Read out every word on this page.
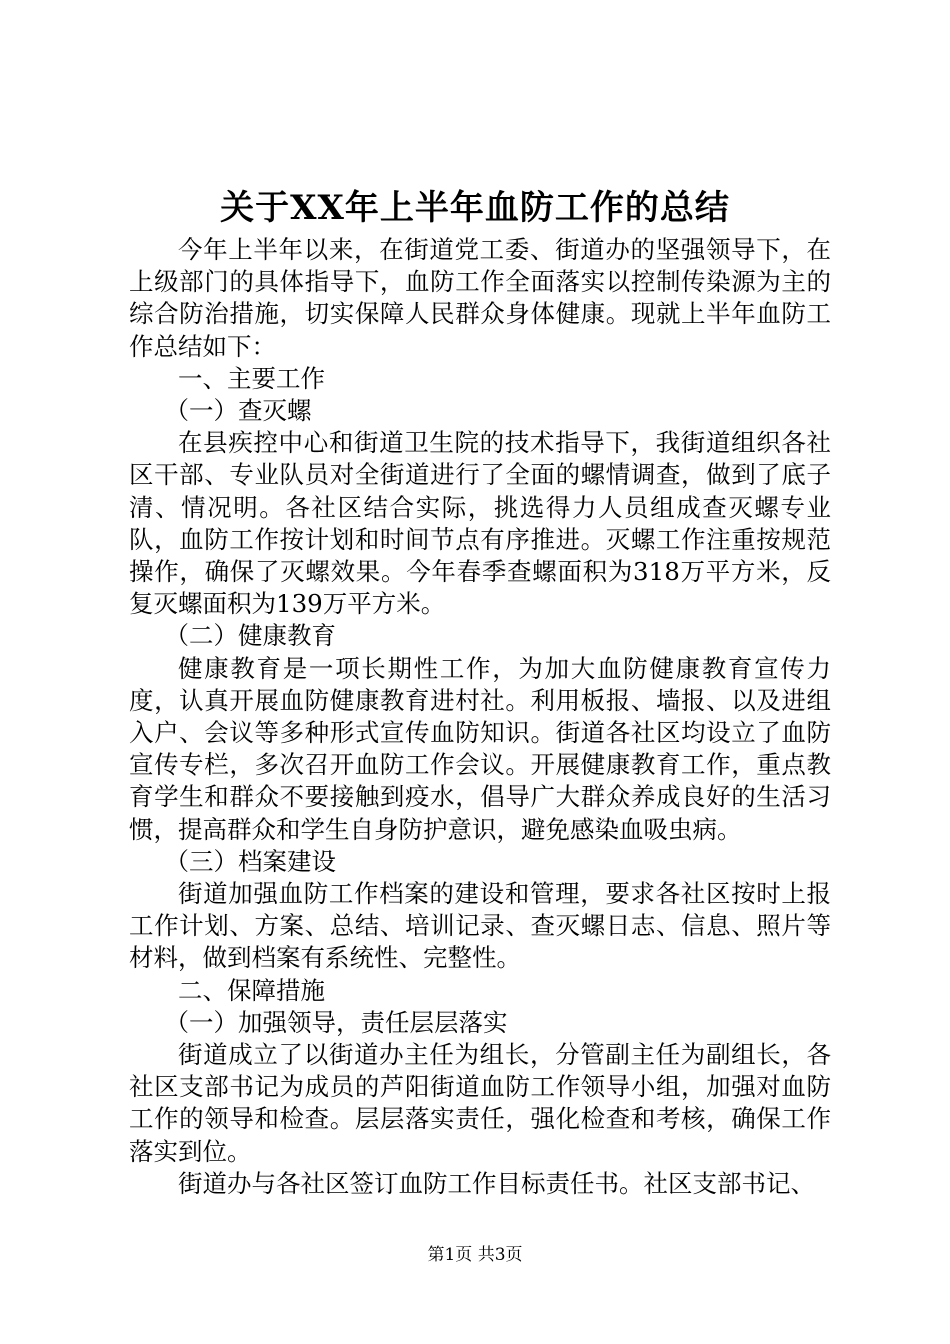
关于XX年上半年血防工作的总结

今年上半年以来，在街道党工委、街道办的坚强领导下，在上级部门的具体指导下，血防工作全面落实以控制传染源为主的综合防治措施，切实保障人民群众身体健康。现就上半年血防工作总结如下：

一、主要工作

（一）查灭螺

在县疾控中心和街道卫生院的技术指导下，我街道组织各社区干部、专业队员对全街道进行了全面的螺情调查，做到了底子清、情况明。各社区结合实际，挑选得力人员组成查灭螺专业队，血防工作按计划和时间节点有序推进。灭螺工作注重按规范操作，确保了灭螺效果。今年春季查螺面积为318万平方米，反复灭螺面积为139万平方米。

（二）健康教育

健康教育是一项长期性工作，为加大血防健康教育宣传力度，认真开展血防健康教育进村社。利用板报、墙报、以及进组入户、会议等多种形式宣传血防知识。街道各社区均设立了血防宣传专栏，多次召开血防工作会议。开展健康教育工作，重点教育学生和群众不要接触到疫水，倡导广大群众养成良好的生活习惯，提高群众和学生自身防护意识，避免感染血吸虫病。

（三）档案建设

街道加强血防工作档案的建设和管理，要求各社区按时上报工作计划、方案、总结、培训记录、查灭螺日志、信息、照片等材料，做到档案有系统性、完整性。

二、保障措施

（一）加强领导，责任层层落实

街道成立了以街道办主任为组长，分管副主任为副组长，各社区支部书记为成员的芦阳街道血防工作领导小组，加强对血防工作的领导和检查。层层落实责任，强化检查和考核，确保工作落实到位。

街道办与各社区签订血防工作目标责任书。社区支部书记、

第1页 共3页
